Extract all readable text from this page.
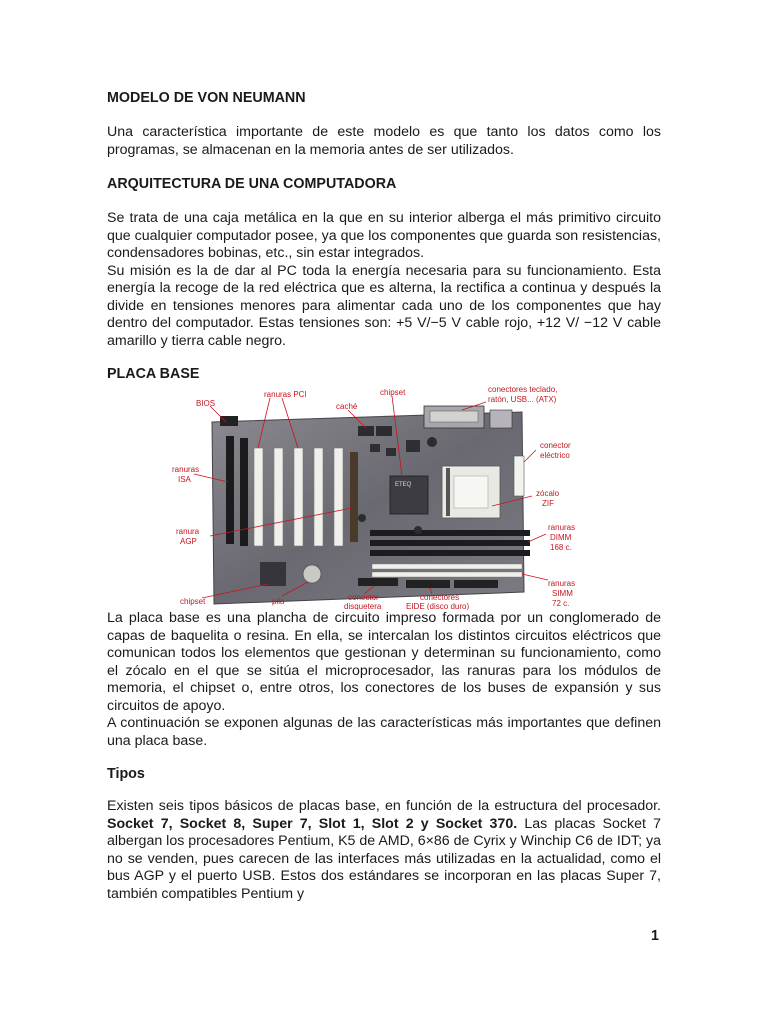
MODELO DE VON NEUMANN

Una característica importante de este modelo es que tanto los datos como los programas, se almacenan en la memoria antes de ser utilizados.

ARQUITECTURA DE UNA COMPUTADORA

Se trata de una caja metálica en la que en su interior alberga el más primitivo circuito que cualquier computador posee, ya que los componentes que guarda son resistencias, condensadores bobinas, etc., sin estar integrados.

Su misión es la de dar al PC toda la energía necesaria para su funcionamiento. Esta energía la recoge de la red eléctrica que es alterna, la rectifica a continua y después la divide en tensiones menores para alimentar cada uno de los componentes que hay dentro del computador. Estas tensiones son: +5 V/−5 V cable rojo, +12 V/ −12 V cable amarillo y tierra cable negro.

PLACA BASE
ETEQ
BIOS
ranuras PCI
caché
chipset	conectores teclado,
ratón, USB... (ATX)
conector
eléctrico
ranuras
ISA
zócalo
ZIF
ranura
AGP
ranuras
DIMM
168 c.
chipset	pila	conector
disquetera
conectores
EIDE (disco duro)
ranuras
SIMM
72 c.

La placa base es una plancha de circuito impreso formada por un conglomerado de capas de baquelita o resina. En ella, se intercalan los distintos circuitos eléctricos que comunican todos los elementos que gestionan y determinan su funcionamiento, como el zócalo en el que se sitúa el microprocesador, las ranuras para los módulos de memoria, el chipset o, entre otros, los conectores de los buses de expansión y sus circuitos de apoyo.

A continuación se exponen algunas de las características más importantes que definen una placa base.

Tipos

Existen seis tipos básicos de placas base, en función de la estructura del procesador. Socket 7, Socket 8, Super 7, Slot 1, Slot 2 y Socket 370. Las placas Socket 7 albergan los procesadores Pentium, K5 de AMD, 6×86 de Cyrix y Winchip C6 de IDT; ya no se venden, pues carecen de las interfaces más utilizadas en la actualidad, como el bus AGP y el puerto USB. Estos dos estándares se incorporan en las placas Super 7, también compatibles Pentium y

1
